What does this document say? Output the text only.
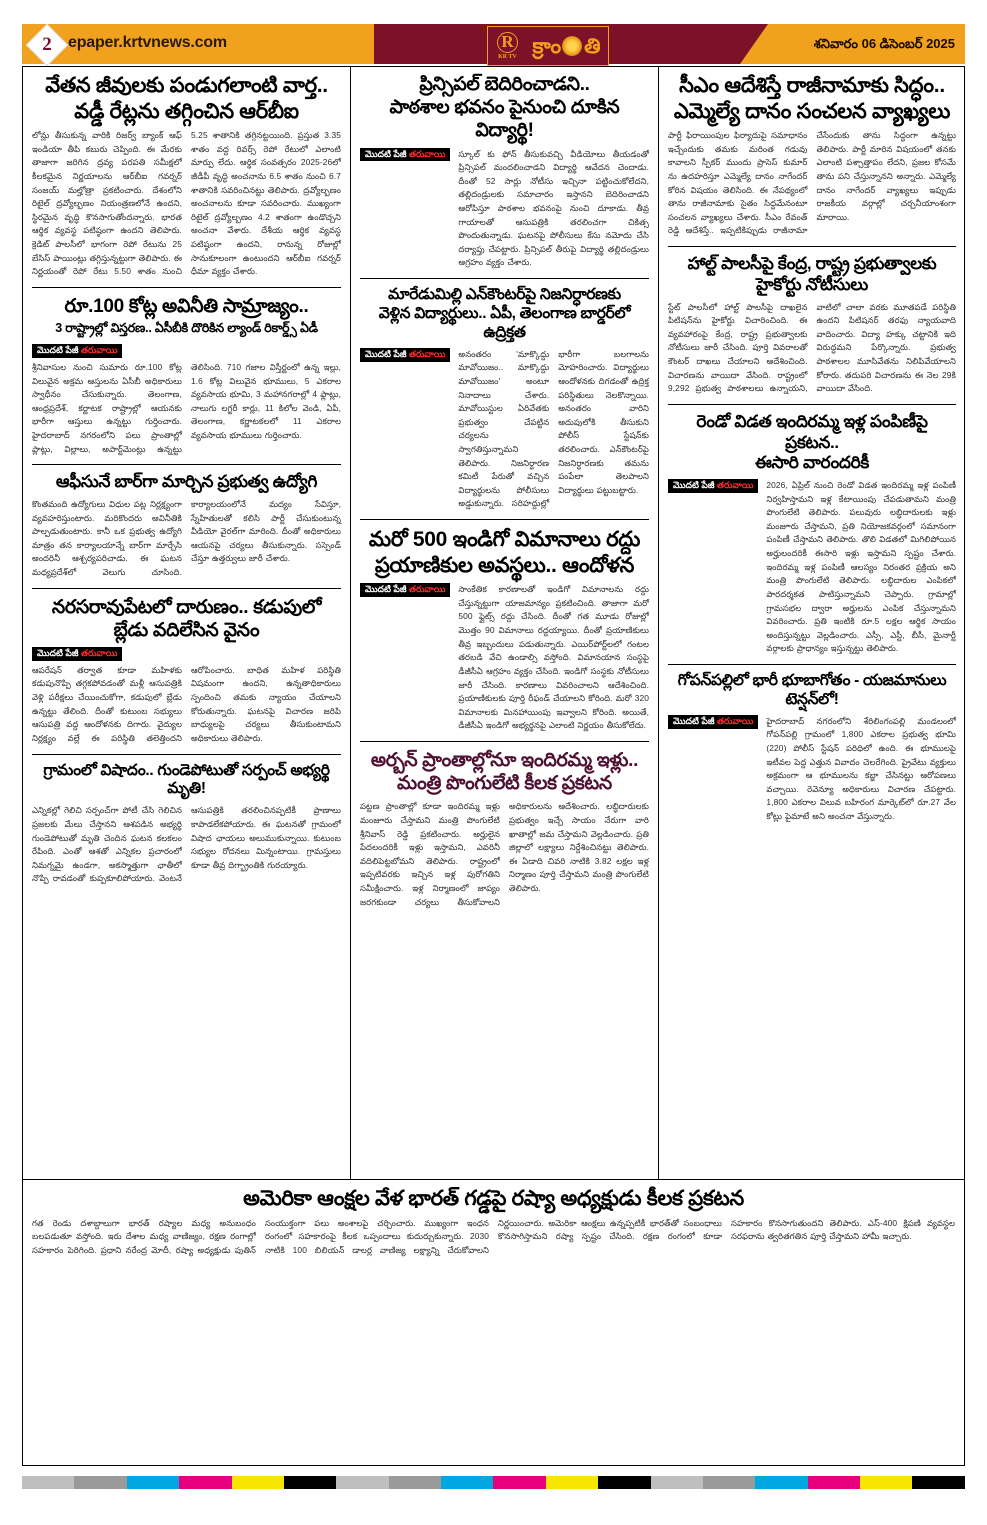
2	epaper.krtvnews.com	R
KR TV క్రాం తి	శనివారం 06 డిసెంబర్ 2025
వేతన జీవులకు పండుగలాంటి వార్త..
వడ్డీ రేట్లను తగ్గించిన ఆర్‌బీఐ
లోన్లు తీసుకున్న వారికి రిజర్వ్ బ్యాంక్ ఆఫ్ ఇండియా తీపి కబురు చెప్పింది. ఈ మేరకు తాజాగా జరిగిన ద్రవ్య పరపతి సమీక్షలో కీలకమైన నిర్ణయాలను ఆర్‌బీఐ గవర్నర్ సంజయ్ మల్హోత్రా ప్రకటించారు. దేశంలోని రిటైల్ ద్రవ్యోల్బణం నియంత్రణలోనే ఉందని, స్థిరమైన వృద్ధి కొనసాగుతోందన్నారు. భారత ఆర్థిక వ్యవస్థ పటిష్ఠంగా ఉందని తెలిపారు. క్రెడిట్ పాలసీలో భాగంగా రెపో రేటును 25 బేసిస్ పాయింట్లు తగ్గిస్తున్నట్టుగా తెలిపారు. ఈ నిర్ణయంతో రెపో రేటు 5.50 శాతం నుంచి 5.25 శాతానికి తగ్గినట్టయింది. ప్రస్తుత 3.35 శాతం వద్ద రివర్స్ రెపో రేటులో ఎలాంటి మార్పు లేదు. ఆర్థిక సంవత్సరం 2025-26లో జీడీపీ వృద్ధి అంచనాను 6.5 శాతం నుంచి 6.7 శాతానికి సవరించినట్టు తెలిపారు. ద్రవ్యోల్బణం అంచనాలను కూడా సవరించారు. ముఖ్యంగా రిటైల్ ద్రవ్యోల్బణం 4.2 శాతంగా ఉండొచ్చని అంచనా వేశారు. దేశీయ ఆర్థిక వ్యవస్థ పటిష్ఠంగా ఉందని, రానున్న రోజుల్లో సానుకూలంగా ఉంటుందని ఆర్‌బీఐ గవర్నర్ ధీమా వ్యక్తం చేశారు.
రూ.100 కోట్ల అవినీతి సామ్రాజ్యం..
3 రాష్ట్రాల్లో విస్తరణ.. ఏసీబీకి దొరికిన ల్యాండ్ రికార్డ్స్ ఏడీ
మొదటి పేజీ తరువాయి
శ్రీనివాసుల నుంచి సుమారు రూ.100 కోట్ల విలువైన అక్రమ ఆస్తులను ఏసీబీ అధికారులు స్వాధీనం చేసుకున్నారు. తెలంగాణ, ఆంధ్రప్రదేశ్, కర్ణాటక రాష్ట్రాల్లో ఆయనకు భారీగా ఆస్తులు ఉన్నట్టు గుర్తించారు. హైదరాబాద్ నగరంలోని పలు ప్రాంతాల్లో ప్లాట్లు, విల్లాలు, అపార్ట్‌మెంట్లు ఉన్నట్టు తెలిసింది. 710 గజాల విస్తీర్ణంలో ఉన్న ఇల్లు, 1.6 కోట్ల విలువైన భూములు, 5 ఎకరాల వ్యవసాయ భూమి, 3 మహానగరాల్లో 4 ఫ్లాట్లు, నాలుగు లగ్జరీ కార్లు, 11 కిలోల వెండి, ఏపీ, తెలంగాణ, కర్ణాటకలలో 11 ఎకరాల వ్యవసాయ భూములు గుర్తించారు.
ఆఫీసునే బార్‌గా మార్చిన ప్రభుత్వ ఉద్యోగి
కొంతమంది ఉద్యోగులు విధుల పట్ల నిర్లక్ష్యంగా వ్యవహరిస్తుంటారు. మరికొందరు అవినీతికి పాల్పడుతుంటారు. కానీ ఒక ప్రభుత్వ ఉద్యోగి మాత్రం తన కార్యాలయాన్నే బార్‌గా మార్చేసి అందరినీ ఆశ్చర్యపరిచాడు. ఈ ఘటన మధ్యప్రదేశ్‌లో వెలుగు చూసింది. కార్యాలయంలోనే మద్యం సేవిస్తూ, స్నేహితులతో కలిసి పార్టీ చేసుకుంటున్న వీడియో వైరల్‌గా మారింది. దీంతో అధికారులు ఆయనపై చర్యలు తీసుకున్నారు. సస్పెండ్ చేస్తూ ఉత్తర్వులు జారీ చేశారు.
నరసరావుపేటలో దారుణం.. కడుపులో
బ్లేడు వదిలేసిన వైనం
మొదటి పేజీ తరువాయి
ఆపరేషన్ తర్వాత కూడా మహిళకు కడుపునొప్పి తగ్గకపోవడంతో మళ్లీ ఆసుపత్రికి వెళ్లి పరీక్షలు చేయించుకోగా, కడుపులో బ్లేడు ఉన్నట్టు తేలింది. దీంతో కుటుంబ సభ్యులు ఆసుపత్రి వద్ద ఆందోళనకు దిగారు. వైద్యుల నిర్లక్ష్యం వల్లే ఈ పరిస్థితి తలెత్తిందని ఆరోపించారు. బాధిత మహిళ పరిస్థితి విషమంగా ఉందని, ఉన్నతాధికారులు స్పందించి తమకు న్యాయం చేయాలని కోరుతున్నారు. ఘటనపై విచారణ జరిపి బాధ్యులపై చర్యలు తీసుకుంటామని అధికారులు తెలిపారు.
గ్రామంలో విషాదం.. గుండెపోటుతో సర్పంచ్ అభ్యర్థి మృతి!
ఎన్నికల్లో గెలిచి సర్పంచ్‌గా పోటీ చేసి గెలిచిన ప్రజలకు మేలు చేస్తానని ఆశపడిన అభ్యర్థి గుండెపోటుతో మృతి చెందిన ఘటన కలకలం రేపింది. ఎంతో ఆశతో ఎన్నికల ప్రచారంలో నిమగ్నమై ఉండగా, అకస్మాత్తుగా ఛాతీలో నొప్పి రావడంతో కుప్పకూలిపోయారు. వెంటనే ఆసుపత్రికి తరలించినప్పటికీ ప్రాణాలు కాపాడలేకపోయారు. ఈ ఘటనతో గ్రామంలో విషాద ఛాయలు అలుముకున్నాయి. కుటుంబ సభ్యుల రోదనలు మిన్నంటాయి. గ్రామస్తులు కూడా తీవ్ర దిగ్భ్రాంతికి గురయ్యారు.
ప్రిన్సిపల్ బెదిరించాడని..
పాఠశాల భవనం పైనుంచి దూకిన విద్యార్థి!
మొదటి పేజీ తరువాయి	స్కూల్ కు ఫోన్ తీసుకువచ్చి వీడియోలు తీయడంతో ప్రిన్సిపల్ మందలించాడని విద్యార్థి ఆవేదన చెందాడు. దీంతో 52 సార్లు నోటీసు ఇచ్చినా పట్టించుకోలేదని, తల్లిదండ్రులకు సమాచారం ఇస్తానని బెదిరించాడని ఆరోపిస్తూ పాఠశాల భవనంపై నుంచి దూకాడు. తీవ్ర గాయాలతో ఆసుపత్రికి తరలించగా చికిత్స పొందుతున్నాడు. ఘటనపై పోలీసులు కేసు నమోదు చేసి దర్యాప్తు చేపట్టారు. ప్రిన్సిపల్ తీరుపై విద్యార్థి తల్లిదండ్రులు ఆగ్రహం వ్యక్తం చేశారు.
మారేడుమిల్లి ఎన్‌కౌంటర్‌పై నిజనిర్ధారణకు
వెళ్లిన విద్యార్థులు.. ఏపీ, తెలంగాణ బార్డర్‌లో ఉద్రిక్తత
మొదటి పేజీ తరువాయి	అనంతరం 'మాక్కొద్దు మావోయిజం.. మాక్కొద్దు మావోయిజం' అంటూ నినాదాలు చేశారు. మావోయిస్టుల ఏరివేతకు ప్రభుత్వం చేపట్టిన చర్యలను స్వాగతిస్తున్నామని తెలిపారు. నిజనిర్ధారణ కమిటీ పేరుతో వచ్చిన విద్యార్థులను పోలీసులు అడ్డుకున్నారు. సరిహద్దుల్లో భారీగా బలగాలను మోహరించారు. విద్యార్థులు ఆందోళనకు దిగడంతో ఉద్రిక్త పరిస్థితులు నెలకొన్నాయి. అనంతరం వారిని అదుపులోకి తీసుకుని పోలీస్ స్టేషన్‌కు తరలించారు. ఎన్‌కౌంటర్‌పై నిజనిర్ధారణకు తమను పంపేలా తెలపాలని విద్యార్థులు పట్టుబట్టారు.
మరో 500 ఇండిగో విమానాలు రద్దు
ప్రయాణికుల అవస్థలు.. ఆందోళన
మొదటి పేజీ తరువాయి	సాంకేతిక కారణాలతో ఇండిగో విమానాలను రద్దు చేస్తున్నట్టుగా యాజమాన్యం ప్రకటించింది. తాజాగా మరో 500 ఫ్లైట్స్ రద్దు చేసింది. దీంతో గత మూడు రోజుల్లో మొత్తం 90 విమానాలు రద్దయ్యాయి. దీంతో ప్రయాణికులు తీవ్ర ఇబ్బందులు పడుతున్నారు. ఎయిర్‌పోర్ట్‌లలో గంటల తరబడి వేచి ఉండాల్సి వస్తోంది. విమానయాన సంస్థపై డీజీసీఏ ఆగ్రహం వ్యక్తం చేసింది. ఇండిగో సంస్థకు నోటీసులు జారీ చేసింది. కారణాలు వివరించాలని ఆదేశించింది. ప్రయాణికులకు పూర్తి రీఫండ్ చేయాలని కోరింది. మరో 320 విమానాలకు మినహాయింపు ఇవ్వాలని కోరింది. అయితే, డీజీసీఏ ఇండిగో అభ్యర్థనపై ఎలాంటి నిర్ణయం తీసుకోలేదు.
అర్బన్ ప్రాంతాల్లోనూ ఇందిరమ్మ ఇళ్లు..
మంత్రి పొంగులేటి కీలక ప్రకటన
పట్టణ ప్రాంతాల్లో కూడా ఇందిరమ్మ ఇళ్లు మంజూరు చేస్తామని మంత్రి పొంగులేటి శ్రీనివాస్ రెడ్డి ప్రకటించారు. అర్హులైన పేదలందరికీ ఇళ్లు ఇస్తామని, ఎవరినీ వదిలిపెట్టబోమని తెలిపారు. రాష్ట్రంలో ఇప్పటివరకు ఇచ్చిన ఇళ్ల పురోగతిని సమీక్షించారు. ఇళ్ల నిర్మాణంలో జాప్యం జరగకుండా చర్యలు తీసుకోవాలని అధికారులను ఆదేశించారు. లబ్ధిదారులకు ప్రభుత్వం ఇచ్చే సాయం నేరుగా వారి ఖాతాల్లో జమ చేస్తామని వెల్లడించారు. ప్రతి జిల్లాలో లక్ష్యాలు నిర్దేశించినట్టు తెలిపారు. ఈ ఏడాది చివరి నాటికి 3.82 లక్షల ఇళ్ల నిర్మాణం పూర్తి చేస్తామని మంత్రి పొంగులేటి తెలిపారు.
సీఎం ఆదేశిస్తే రాజీనామాకు సిద్ధం..
ఎమ్మెల్యే దానం సంచలన వ్యాఖ్యలు
పార్టీ ఫిరాయింపుల ఫిర్యాదుపై సమాధానం ఇచ్చేందుకు తమకు మరింత గడువు కావాలని స్పీకర్ ముందు ప్రాసెస్ కుమార్ ను ఉదహరిస్తూ ఎమ్మెల్యే దానం నాగేందర్ కోరిన విషయం తెలిసింది. ఈ నేపథ్యంలో తాను రాజీనామాకు సైతం సిద్ధమేనంటూ సంచలన వ్యాఖ్యలు చేశారు. సీఎం రేవంత్ రెడ్డి ఆదేశిస్తే.. ఇప్పటికిప్పుడు రాజీనామా చేసేందుకు తాను సిద్ధంగా ఉన్నట్టు తెలిపారు. పార్టీ మారిన విషయంలో తనకు ఎలాంటి పశ్చాత్తాపం లేదని, ప్రజల కోసమే తాను పని చేస్తున్నానని అన్నారు. ఎమ్మెల్యే దానం నాగేందర్ వ్యాఖ్యలు ఇప్పుడు రాజకీయ వర్గాల్లో చర్చనీయాంశంగా మారాయి.
హాల్ట్ పాలసీపై కేంద్ర, రాష్ట్ర ప్రభుత్వాలకు
హైకోర్టు నోటీసులు
స్టేట్ పాలసీలో హాల్ట్ పాలసీపై దాఖలైన పిటిషన్‌ను హైకోర్టు విచారించింది. ఈ వ్యవహారంపై కేంద్ర, రాష్ట్ర ప్రభుత్వాలకు నోటీసులు జారీ చేసింది. పూర్తి వివరాలతో కౌంటర్ దాఖలు చేయాలని ఆదేశించింది. విచారణను వాయిదా వేసింది. రాష్ట్రంలో 9,292 ప్రభుత్వ పాఠశాలలు ఉన్నాయని, వాటిలో చాలా వరకు మూతపడే పరిస్థితి ఉందని పిటిషనర్ తరఫు న్యాయవాది వాదించారు. విద్యా హక్కు చట్టానికి ఇది విరుద్ధమని పేర్కొన్నారు. ప్రభుత్వ పాఠశాలల మూసివేతను నిలిపివేయాలని కోరారు. తదుపరి విచారణను ఈ నెల 29కి వాయిదా వేసింది.
రెండో విడత ఇందిరమ్మ ఇళ్ల పంపిణీపై ప్రకటన..
ఈసారి వారందరికీ
మొదటి పేజీ తరువాయి	2026, ఏప్రిల్ నుంచి రెండో విడత ఇందిరమ్మ ఇళ్ల పంపిణీ నిర్వహిస్తామని ఇళ్ల కేటాయింపు చేపడుతామని మంత్రి పొంగులేటి తెలిపారు. పలువురు లబ్ధిదారులకు ఇళ్లు మంజూరు చేస్తామని, ప్రతి నియోజకవర్గంలో సమానంగా పంపిణీ చేస్తామని తెలిపారు. తొలి విడతలో మిగిలిపోయిన అర్హులందరికీ ఈసారి ఇళ్లు ఇస్తామని స్పష్టం చేశారు. ఇందిరమ్మ ఇళ్ల పంపిణీ ఆలస్యం నిరంతర ప్రక్రియ అని మంత్రి పొంగులేటి తెలిపారు. లబ్ధిదారుల ఎంపికలో పారదర్శకత పాటిస్తున్నామని చెప్పారు. గ్రామాల్లో గ్రామసభల ద్వారా అర్హులను ఎంపిక చేస్తున్నామని వివరించారు. ప్రతి ఇంటికి రూ.5 లక్షల ఆర్థిక సాయం అందిస్తున్నట్టు వెల్లడించారు. ఎస్సీ, ఎస్టీ, బీసీ, మైనార్టీ వర్గాలకు ప్రాధాన్యం ఇస్తున్నట్టు తెలిపారు.
గోపన్‌పల్లిలో భారీ భూబాగోతం - యజమానులు టెన్షన్‌లో!
మొదటి పేజీ తరువాయి	హైదరాబాద్ నగరంలోని శేరిలింగంపల్లి మండలంలో గోపన్‌పల్లి గ్రామంలో 1,800 ఎకరాల ప్రభుత్వ భూమి (220) పోలీస్ స్టేషన్ పరిధిలో ఉంది. ఈ భూములపై ఇటీవల పెద్ద ఎత్తున వివాదం చెలరేగింది. ప్రైవేటు వ్యక్తులు అక్రమంగా ఆ భూములను కబ్జా చేసినట్టు ఆరోపణలు వచ్చాయి. రెవెన్యూ అధికారులు విచారణ చేపట్టారు. 1,800 ఎకరాల విలువ బహిరంగ మార్కెట్‌లో రూ.27 వేల కోట్లు పైమాటే అని అంచనా వేస్తున్నారు.
అమెరికా ఆంక్షల వేళ భారత్ గడ్డపై రష్యా అధ్యక్షుడు కీలక ప్రకటన
గత రెండు దశాబ్దాలుగా భారత్ రష్యాల మధ్య అనుబంధం బలపడుతూ వస్తోంది. ఇరు దేశాల మధ్య వాణిజ్యం, రక్షణ రంగాల్లో సహకారం పెరిగింది. ప్రధాని నరేంద్ర మోదీ, రష్యా అధ్యక్షుడు పుతిన్ సంయుక్తంగా పలు అంశాలపై చర్చించారు. ముఖ్యంగా ఇంధన రంగంలో సహకారంపై కీలక ఒప్పందాలు కుదుర్చుకున్నారు. 2030 నాటికి 100 బిలియన్ డాలర్ల వాణిజ్య లక్ష్యాన్ని చేరుకోవాలని నిర్ణయించారు. అమెరికా ఆంక్షలు ఉన్నప్పటికీ భారత్‌తో సంబంధాలు కొనసాగిస్తామని రష్యా స్పష్టం చేసింది. రక్షణ రంగంలో కూడా సహకారం కొనసాగుతుందని తెలిపారు. ఎస్-400 క్షిపణి వ్యవస్థల సరఫరాను త్వరితగతిన పూర్తి చేస్తామని హామీ ఇచ్చారు.
